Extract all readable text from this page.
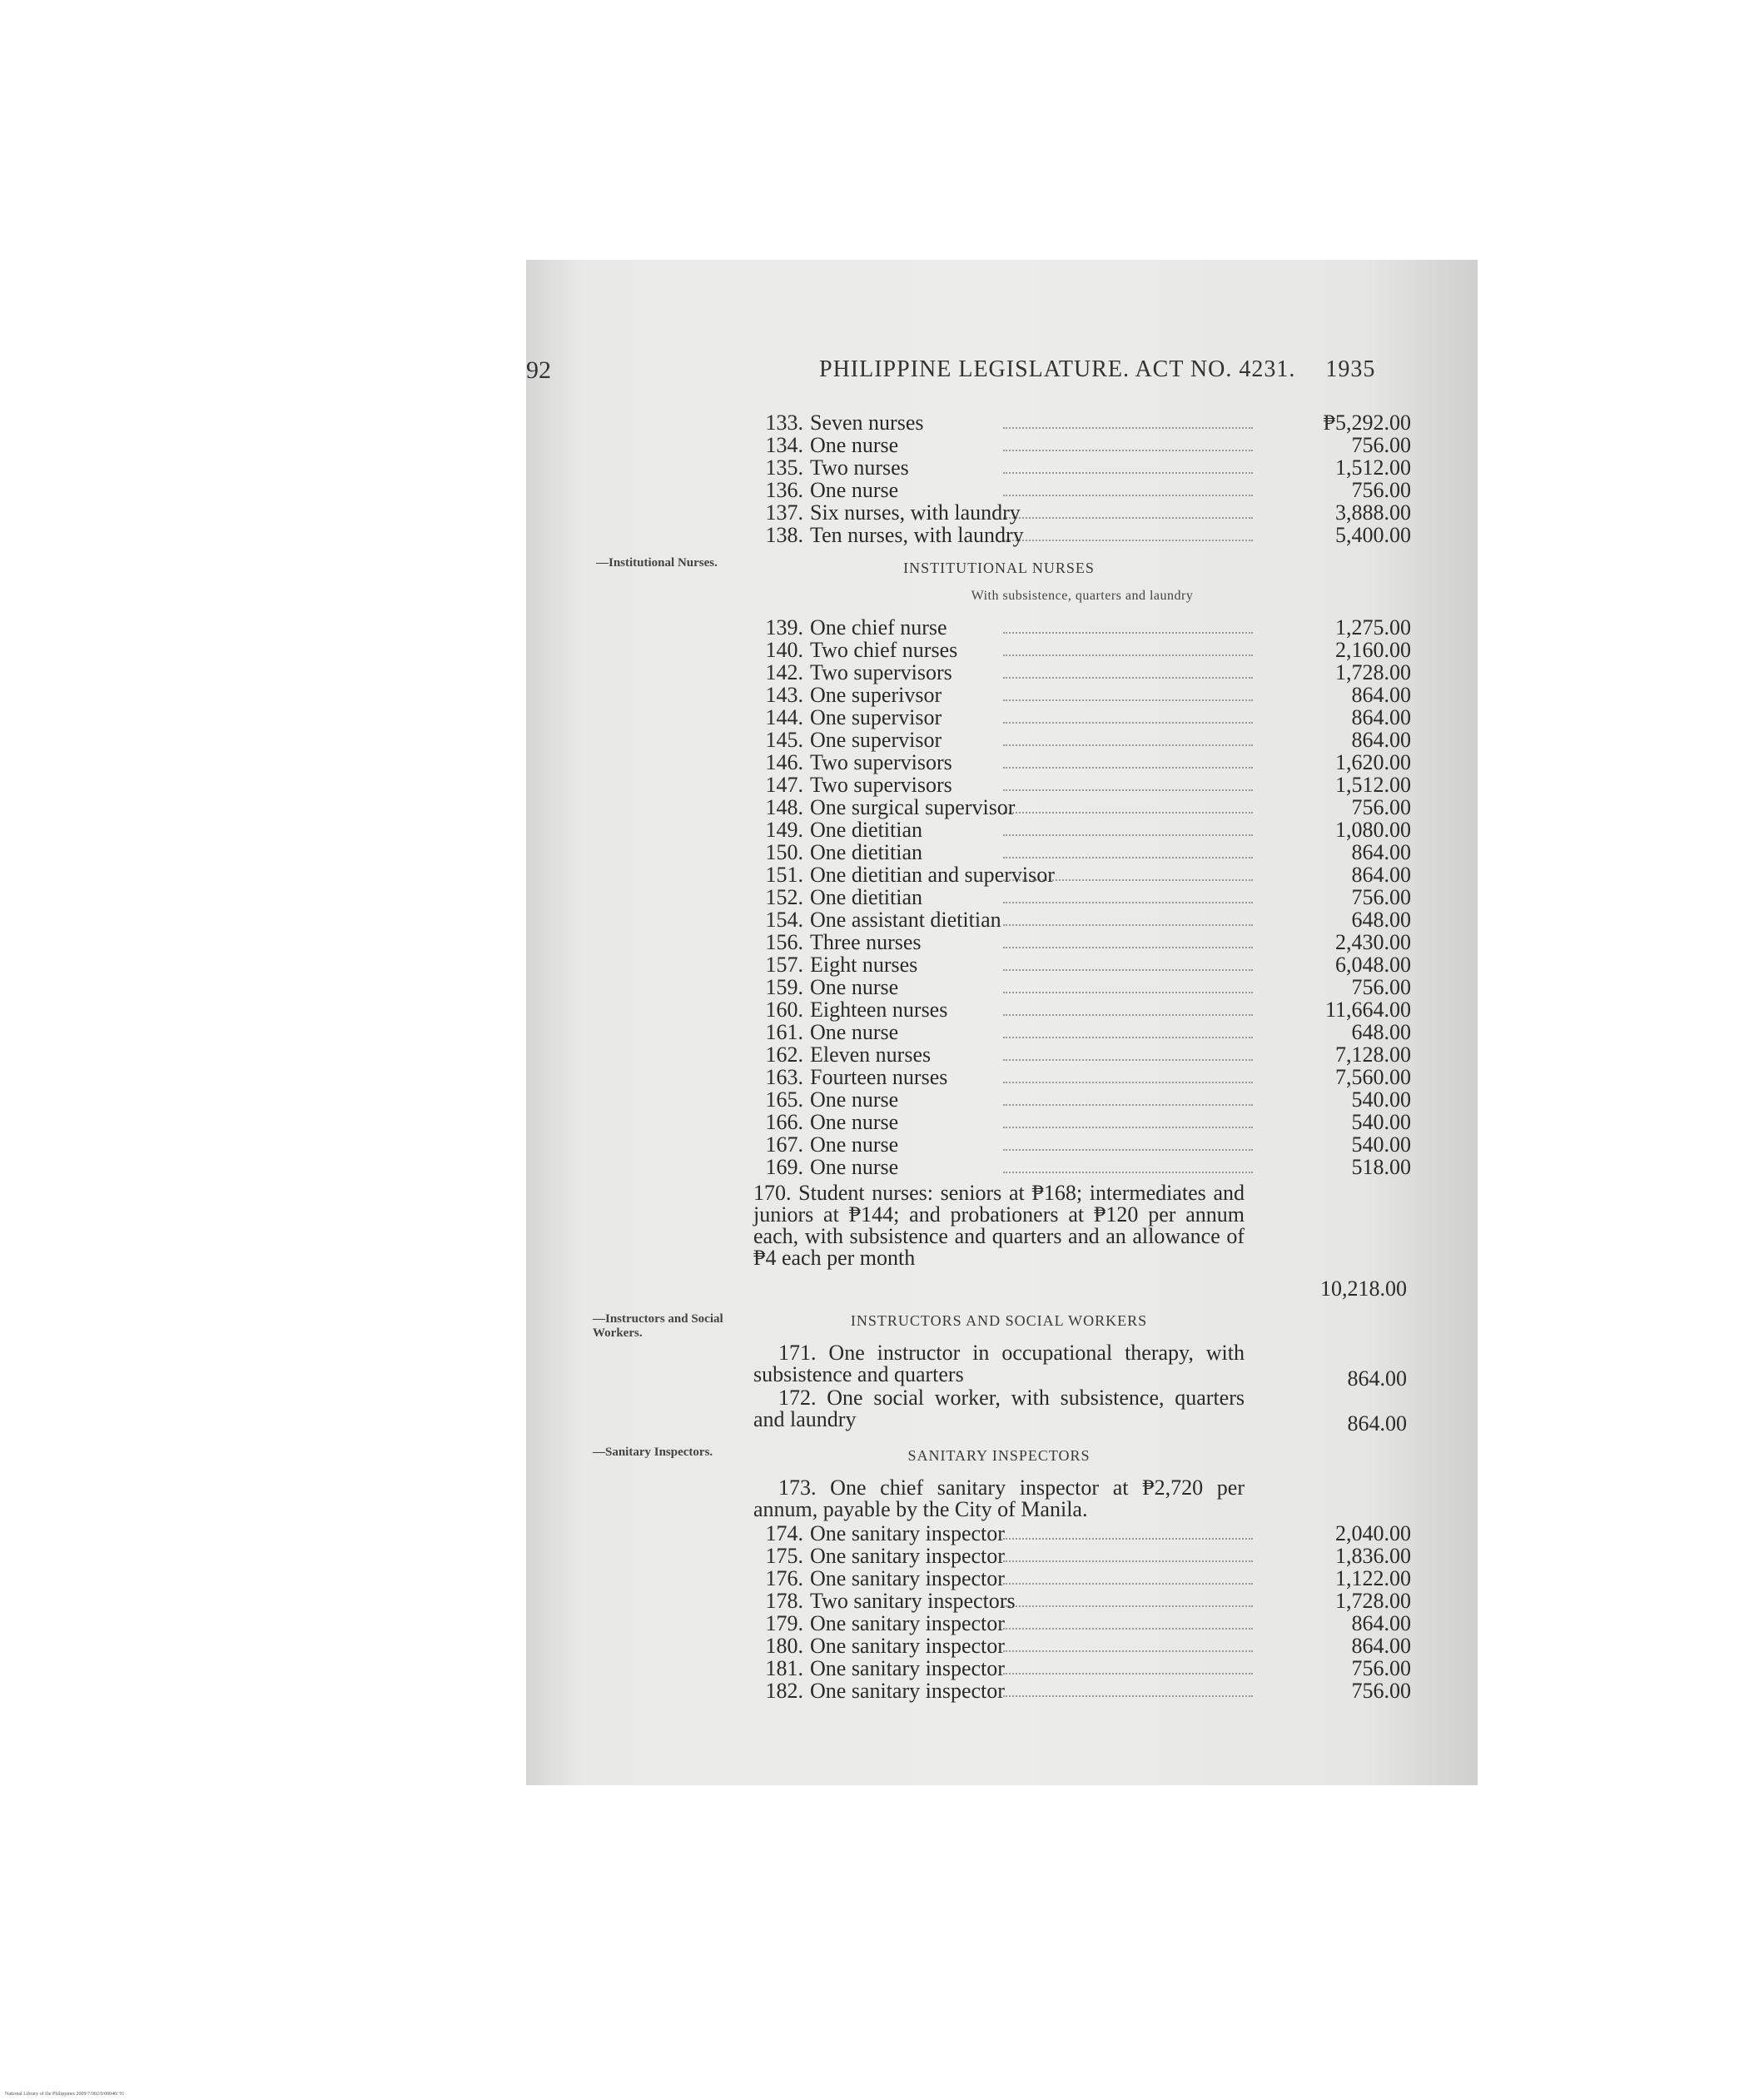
92	PHILIPPINE LEGISLATURE. ACT NO. 4231. 1935
133. Seven nurses	₱5,292.00
134. One nurse	756.00
135. Two nurses	1,512.00
136. One nurse	756.00
137. Six nurses, with laundry	3,888.00
138. Ten nurses, with laundry	5,400.00
—Institutional Nurses.	INSTITUTIONAL NURSES
With subsistence, quarters and laundry
139. One chief nurse	1,275.00
140. Two chief nurses	2,160.00
142. Two supervisors	1,728.00
143. One superivsor	864.00
144. One supervisor	864.00
145. One supervisor	864.00
146. Two supervisors	1,620.00
147. Two supervisors	1,512.00
148. One surgical supervisor	756.00
149. One dietitian	1,080.00
150. One dietitian	864.00
151. One dietitian and supervisor	864.00
152. One dietitian	756.00
154. One assistant dietitian	648.00
156. Three nurses	2,430.00
157. Eight nurses	6,048.00
159. One nurse	756.00
160. Eighteen nurses	11,664.00
161. One nurse	648.00
162. Eleven nurses	7,128.00
163. Fourteen nurses	7,560.00
165. One nurse	540.00
166. One nurse	540.00
167. One nurse	540.00
169. One nurse	518.00
170. Student nurses: seniors at ₱168; intermediates and juniors at ₱144; and probationers at ₱120 per annum each, with subsistence and quarters and an allowance of ₱4 each per month
10,218.00
—Instructors and Social Workers.
INSTRUCTORS AND SOCIAL WORKERS
171. One instructor in occupational therapy, with subsistence and quarters	864.00
172. One social worker, with subsistence, quarters and laundry	864.00
—Sanitary Inspectors.	SANITARY INSPECTORS
173. One chief sanitary inspector at ₱2,720 per annum, payable by the City of Manila.
174. One sanitary inspector	2,040.00
175. One sanitary inspector	1,836.00
176. One sanitary inspector	1,122.00
178. Two sanitary inspectors	1,728.00
179. One sanitary inspector	864.00
180. One sanitary inspector	864.00
181. One sanitary inspector	756.00
182. One sanitary inspector	756.00
National Library of the Philippines 2009/7/002/0/00040/ 91
